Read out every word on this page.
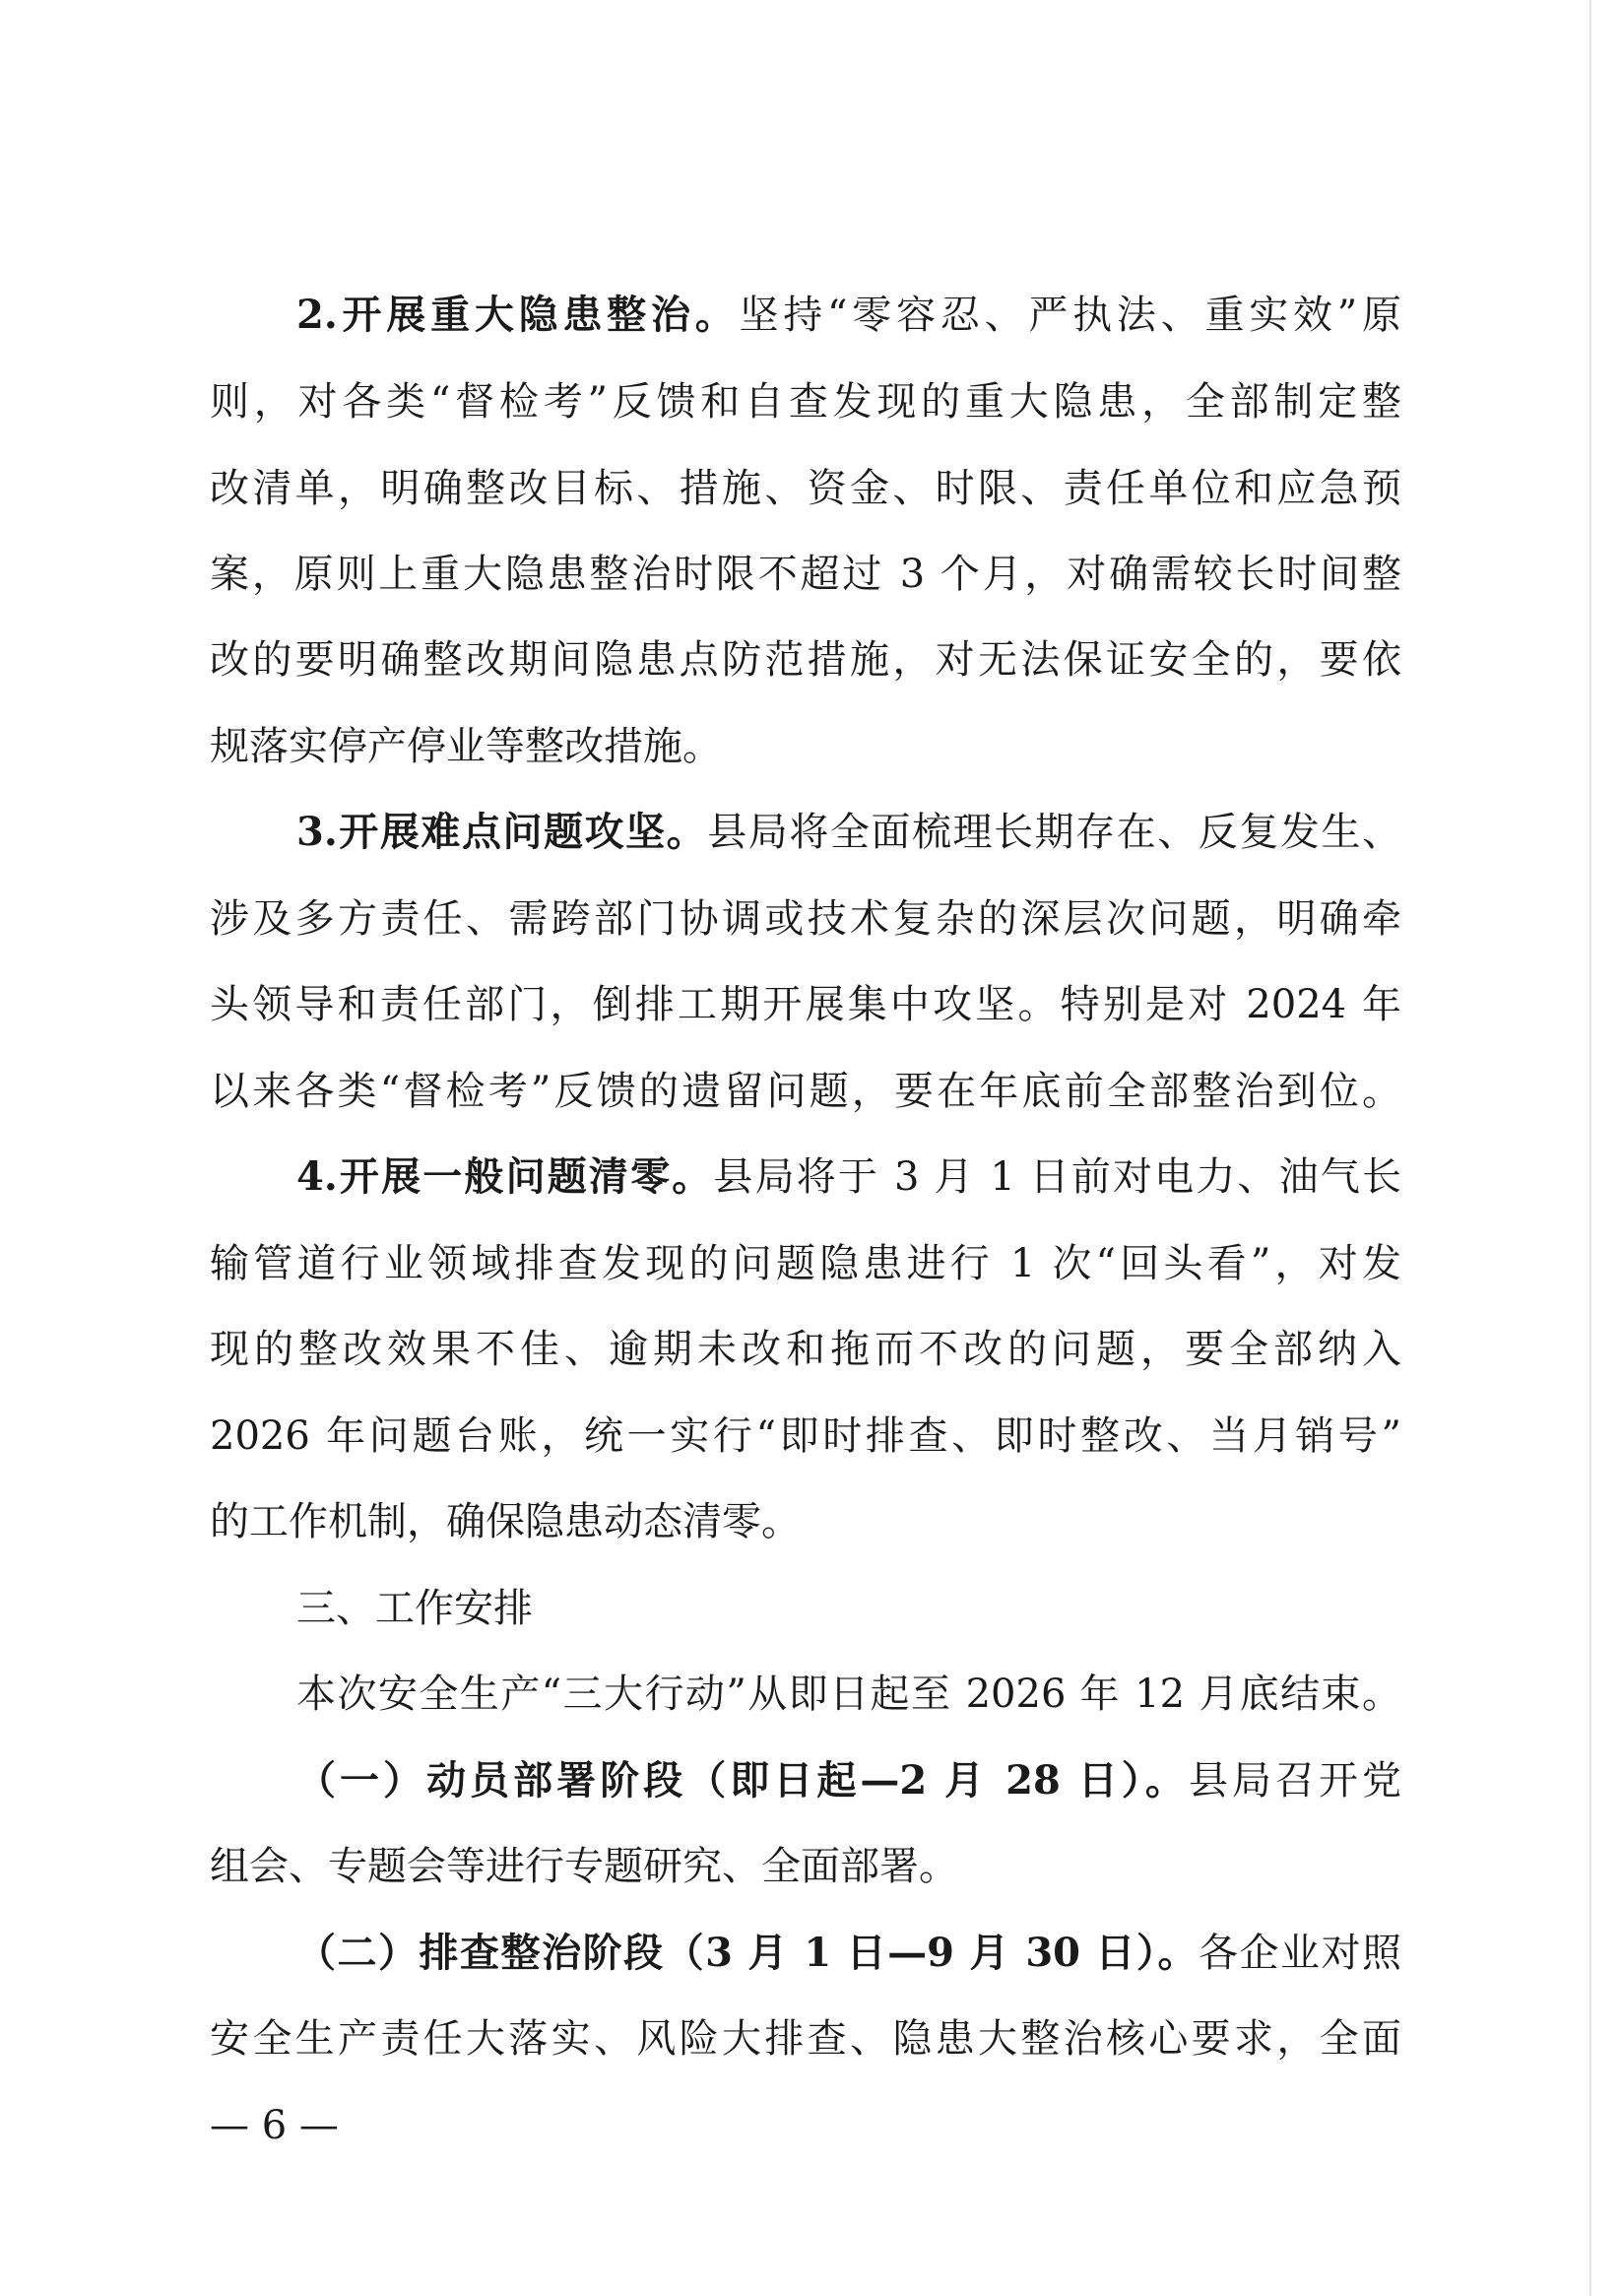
2.开展重大隐患整治。坚持“零容忍、严执法、重实效”原
则，对各类“督检考”反馈和自查发现的重大隐患，全部制定整
改清单，明确整改目标、措施、资金、时限、责任单位和应急预
案，原则上重大隐患整治时限不超过 3 个月，对确需较长时间整
改的要明确整改期间隐患点防范措施，对无法保证安全的，要依
规落实停产停业等整改措施。
3.开展难点问题攻坚。县局将全面梳理长期存在、反复发生、
涉及多方责任、需跨部门协调或技术复杂的深层次问题，明确牵
头领导和责任部门，倒排工期开展集中攻坚。特别是对 2024 年
以来各类“督检考”反馈的遗留问题，要在年底前全部整治到位。
4.开展一般问题清零。县局将于 3 月 1 日前对电力、油气长
输管道行业领域排查发现的问题隐患进行 1 次“回头看”，对发
现的整改效果不佳、逾期未改和拖而不改的问题，要全部纳入
2026 年问题台账，统一实行“即时排查、即时整改、当月销号”
的工作机制，确保隐患动态清零。
三、工作安排
本次安全生产“三大行动”从即日起至 2026 年 12 月底结束。
（一）动员部署阶段（即日起—2 月 28 日）。县局召开党
组会、专题会等进行专题研究、全面部署。
（二）排查整治阶段（3 月 1 日—9 月 30 日）。各企业对照
安全生产责任大落实、风险大排查、隐患大整治核心要求，全面
— 6 —
